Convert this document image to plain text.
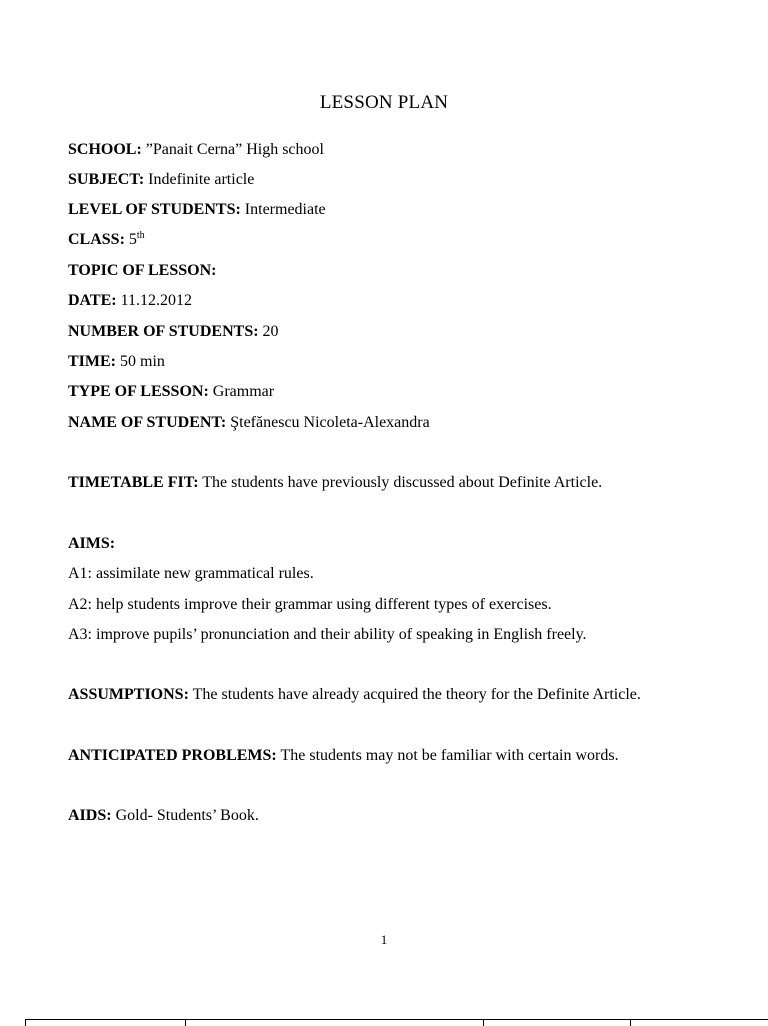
LESSON PLAN
SCHOOL: ”Panait Cerna” High school
SUBJECT: Indefinite article
LEVEL OF STUDENTS: Intermediate
CLASS: 5th
TOPIC OF LESSON:
DATE: 11.12.2012
NUMBER OF STUDENTS: 20
TIME: 50 min
TYPE OF LESSON: Grammar
NAME OF STUDENT: Ştefănescu Nicoleta-Alexandra
TIMETABLE FIT: The students have previously discussed about Definite Article.
AIMS:
A1: assimilate new grammatical rules.
A2: help students improve their grammar using different types of exercises.
A3: improve pupils’ pronunciation and their ability of speaking in English freely.
ASSUMPTIONS: The students have already acquired the theory for the Definite Article.
ANTICIPATED PROBLEMS: The students may not be familiar with certain words.
AIDS: Gold- Students’ Book.
1
